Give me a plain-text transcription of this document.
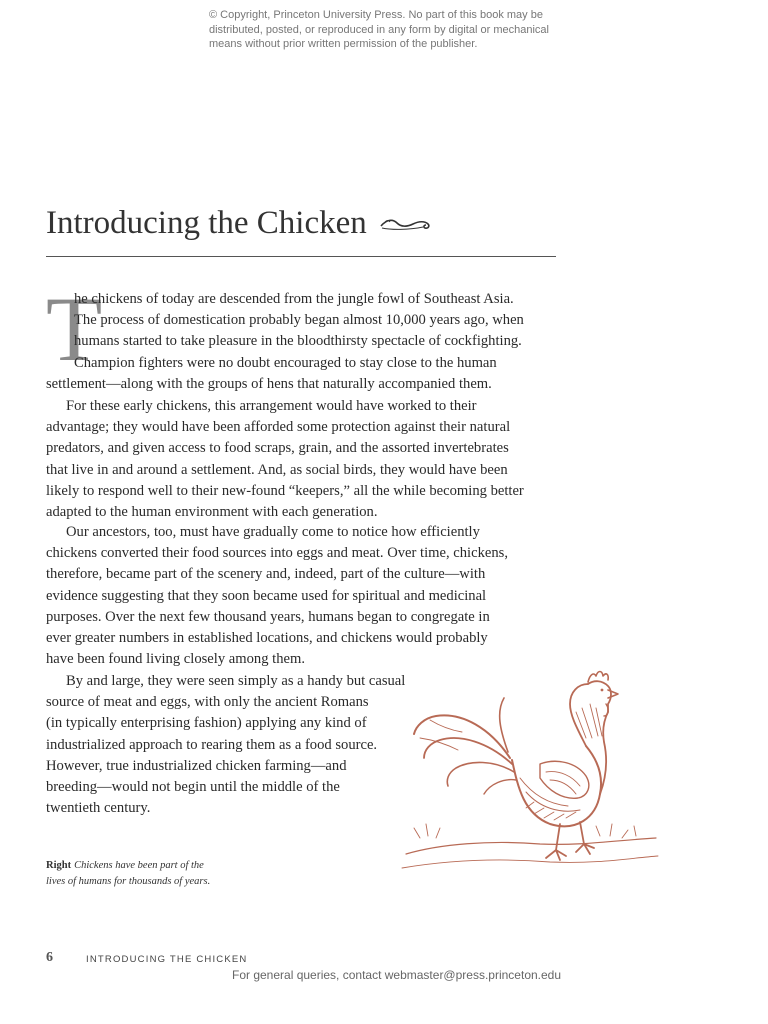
© Copyright, Princeton University Press. No part of this book may be
distributed, posted, or reproduced in any form by digital or mechanical
means without prior written permission of the publisher.
Introducing the Chicken
T
he chickens of today are descended from the jungle fowl of Southeast Asia.
The process of domestication probably began almost 10,000 years ago, when
humans started to take pleasure in the bloodthirsty spectacle of cockfighting.
Champion fighters were no doubt encouraged to stay close to the human
settlement—along with the groups of hens that naturally accompanied them.
For these early chickens, this arrangement would have worked to their
advantage; they would have been afforded some protection against their natural
predators, and given access to food scraps, grain, and the assorted invertebrates
that live in and around a settlement. And, as social birds, they would have been
likely to respond well to their new-found “keepers,” all the while becoming better
adapted to the human environment with each generation.
Our ancestors, too, must have gradually come to notice how efficiently
chickens converted their food sources into eggs and meat. Over time, chickens,
therefore, became part of the scenery and, indeed, part of the culture—with
evidence suggesting that they soon became used for spiritual and medicinal
purposes. Over the next few thousand years, humans began to congregate in
ever greater numbers in established locations, and chickens would probably
have been found living closely among them.
By and large, they were seen simply as a handy but casual
source of meat and eggs, with only the ancient Romans
(in typically enterprising fashion) applying any kind of
industrialized approach to rearing them as a food source.
However, true industrialized chicken farming—and
breeding—would not begin until the middle of the
twentieth century.
Right Chickens have been part of the
lives of humans for thousands of years.
6	INTRODUCING THE CHICKEN
For general queries, contact webmaster@press.princeton.edu
